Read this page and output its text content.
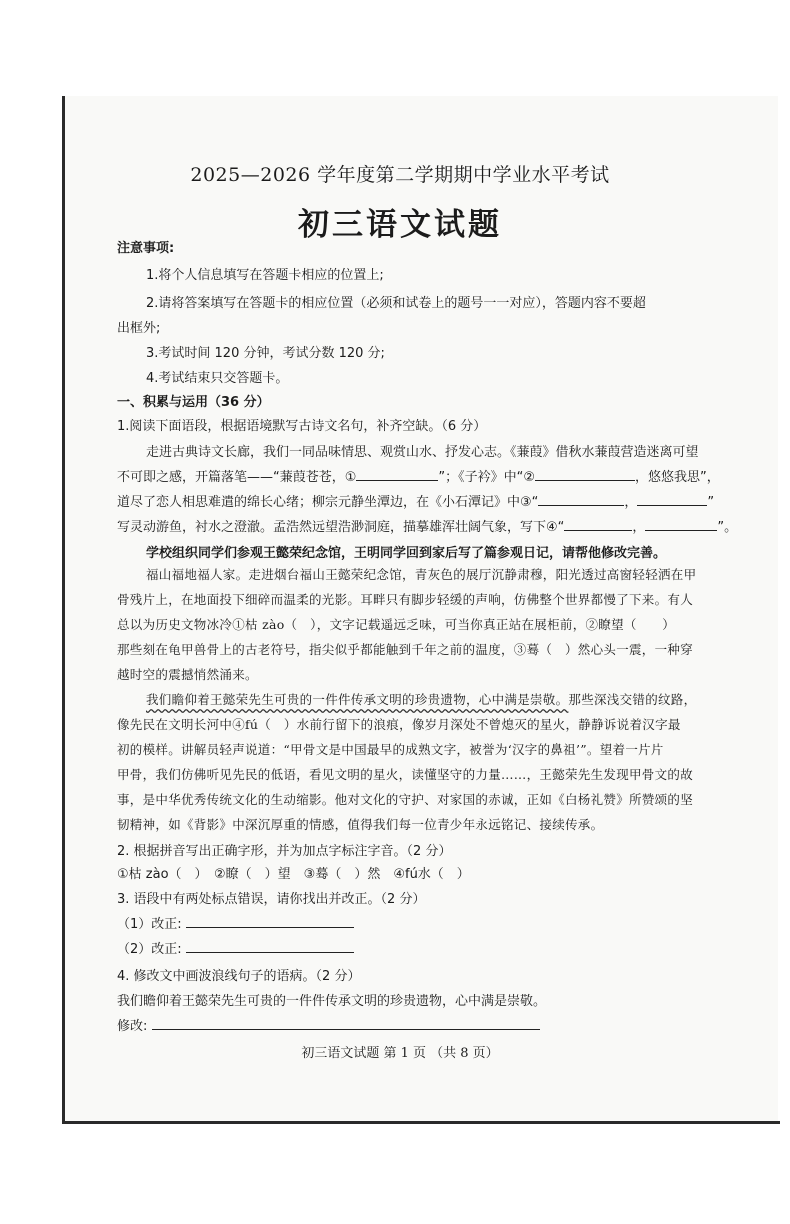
2025—2026 学年度第二学期期中学业水平考试
初三语文试题
注意事项:
1.将个人信息填写在答题卡相应的位置上;
2.请将答案填写在答题卡的相应位置（必须和试卷上的题号一一对应），答题内容不要超
出框外;
3.考试时间 120 分钟，考试分数 120 分;
4.考试结束只交答题卡。
一、积累与运用（36 分）
1.阅读下面语段，根据语境默写古诗文名句，补齐空缺。（6 分）
走进古典诗文长廊，我们一同品味情思、观赏山水、抒发心志。《蒹葭》借秋水蒹葭营造迷离可望
不可即之感，开篇落笔——“蒹葭苍苍，①	”；《子衿》中“②	，悠悠我思”，
道尽了恋人相思难遣的绵长心绪；柳宗元静坐潭边，在《小石潭记》中③“	，	”
写灵动游鱼，衬水之澄澈。孟浩然远望浩渺洞庭，描摹雄浑壮阔气象，写下④“	，	”。
学校组织同学们参观王懿荣纪念馆，王明同学回到家后写了篇参观日记，请帮他修改完善。
福山福地福人家。走进烟台福山王懿荣纪念馆，青灰色的展厅沉静肃穆，阳光透过高窗轻轻洒在甲
骨残片上，在地面投下细碎而温柔的光影。耳畔只有脚步轻缓的声响，仿佛整个世界都慢了下来。有人
总以为历史文物冰冷①枯 zào（　），文字记载遥远乏味，可当你真正站在展柜前，②瞭望（　　）
那些刻在龟甲兽骨上的古老符号，指尖似乎都能触到千年之前的温度，③蓦（　）然心头一震，一种穿
越时空的震撼悄然涌来。
我们瞻仰着王懿荣先生可贵的一件件传承文明的珍贵遗物，心中满是崇敬。那些深浅交错的纹路，
像先民在文明长河中④fú（　）水前行留下的浪痕，像岁月深处不曾熄灭的星火，静静诉说着汉字最
初的模样。讲解员轻声说道：“甲骨文是中国最早的成熟文字，被誉为‘汉字的鼻祖’”。望着一片片
甲骨，我们仿佛听见先民的低语，看见文明的星火，读懂坚守的力量……，王懿荣先生发现甲骨文的故
事，是中华优秀传统文化的生动缩影。他对文化的守护、对家国的赤诚，正如《白杨礼赞》所赞颂的坚
韧精神，如《背影》中深沉厚重的情感，值得我们每一位青少年永远铭记、接续传承。
2. 根据拼音写出正确字形，并为加点字标注字音。（2 分）
①枯 zào（　）　②瞭（　）望　③蓦（　）然　④fú水（　）
3. 语段中有两处标点错误，请你找出并改正。（2 分）
（1）改正:
（2）改正:
4. 修改文中画波浪线句子的语病。（2 分）
我们瞻仰着王懿荣先生可贵的一件件传承文明的珍贵遗物，心中满是崇敬。
修改:
初三语文试题 第 1 页 （共 8 页）
